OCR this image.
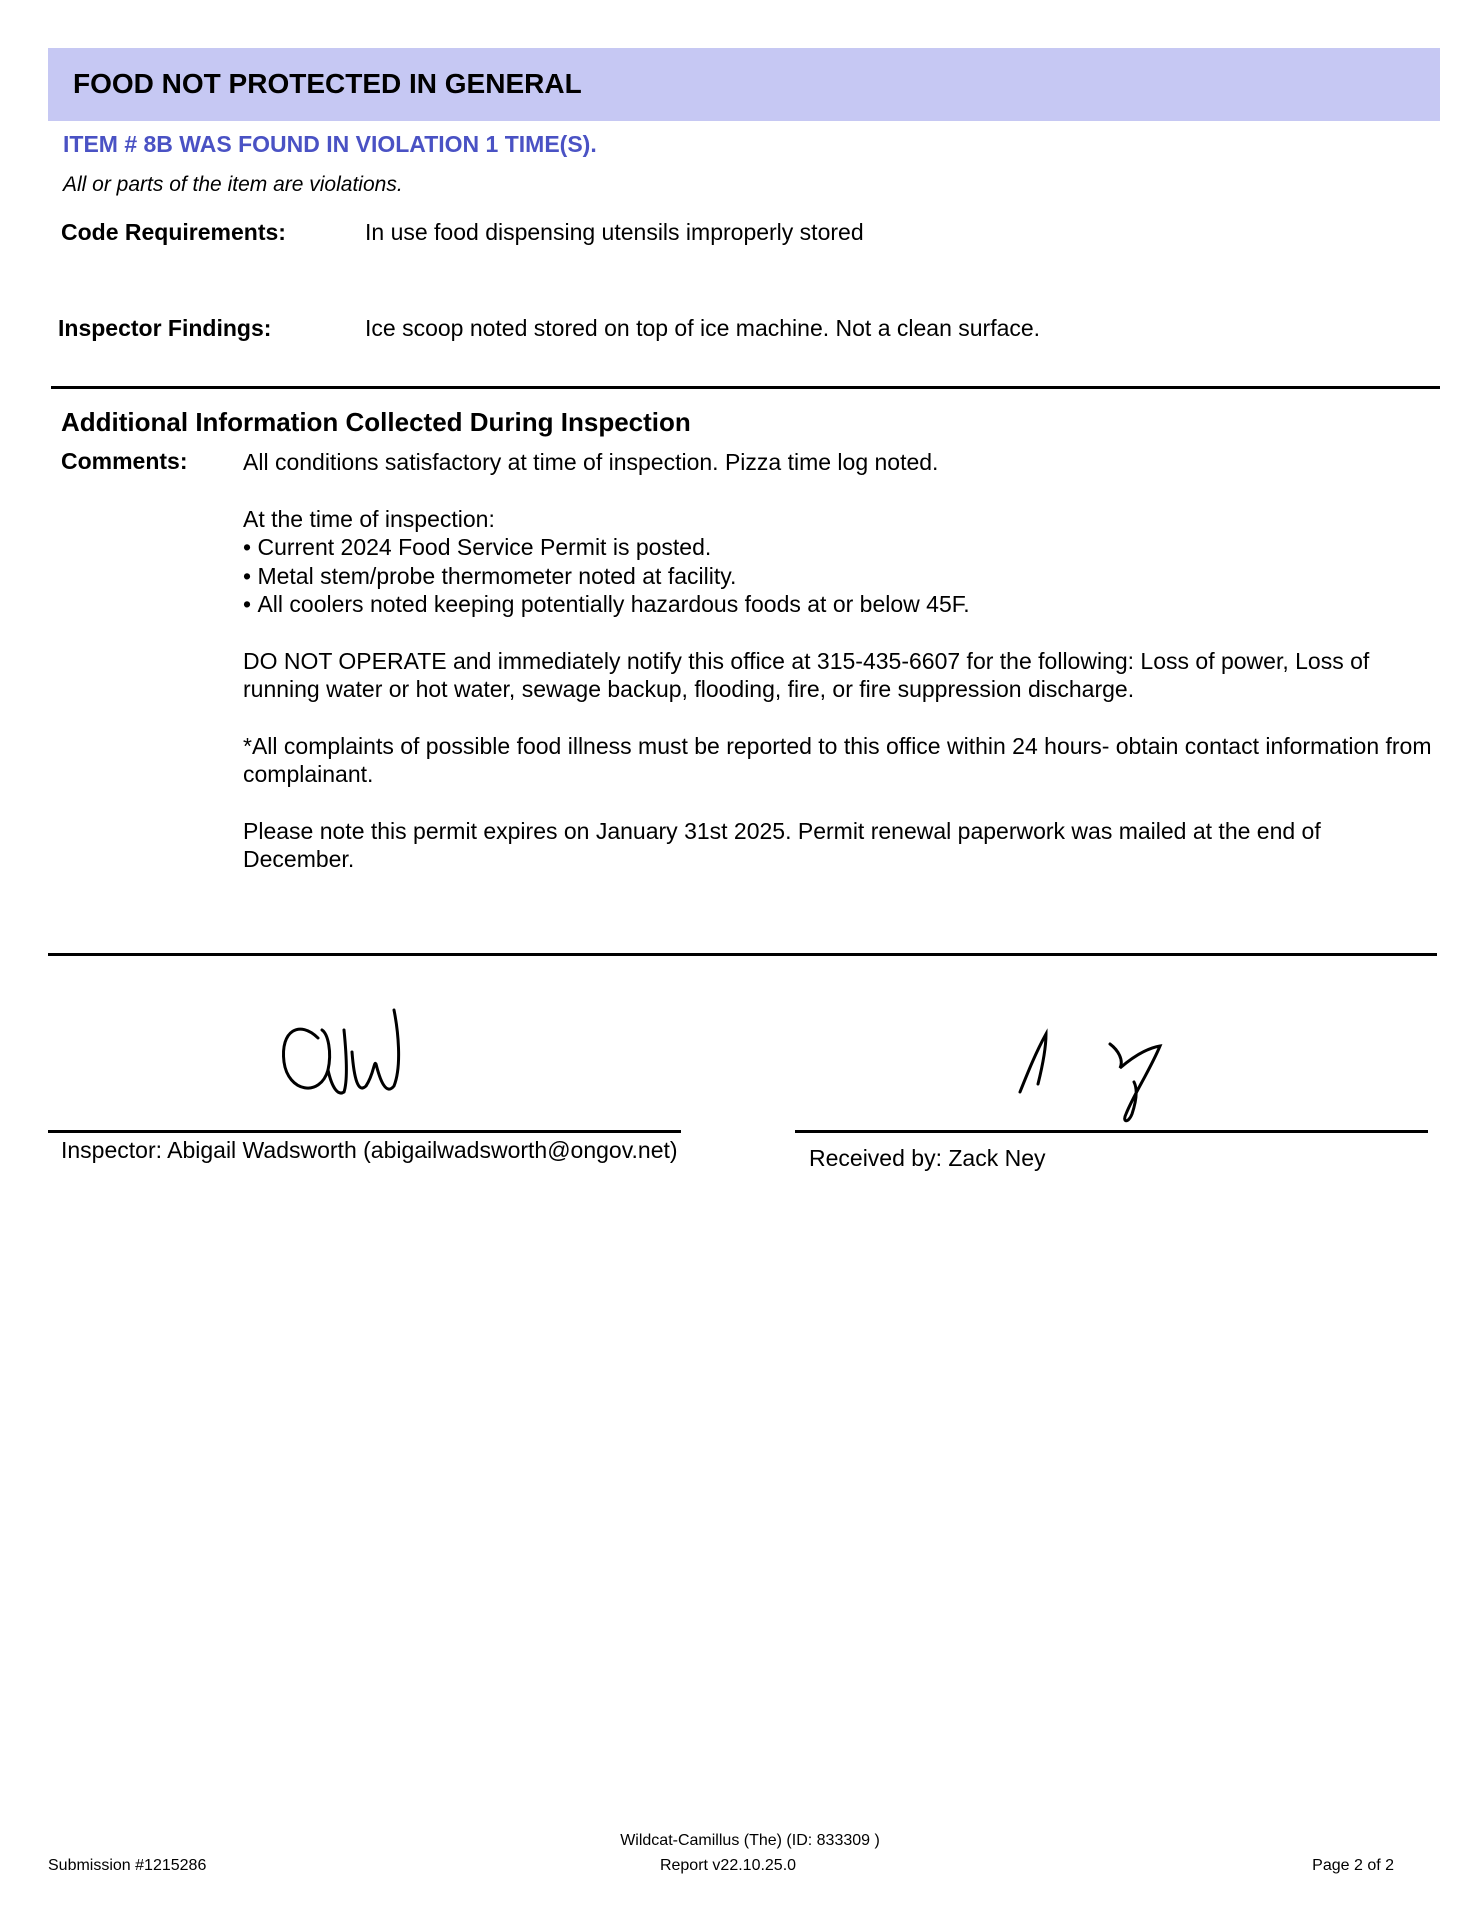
FOOD NOT PROTECTED IN GENERAL
ITEM # 8B WAS FOUND IN VIOLATION 1 TIME(S).
All or parts of the item are violations.
Code Requirements:	In use food dispensing utensils improperly stored
Inspector Findings:	Ice scoop noted stored on top of ice machine. Not a clean surface.
Additional Information Collected During Inspection
Comments: All conditions satisfactory at time of inspection. Pizza time log noted.

At the time of inspection:
• Current 2024 Food Service Permit is posted.
• Metal stem/probe thermometer noted at facility.
• All coolers noted keeping potentially hazardous foods at or below 45F.

DO NOT OPERATE and immediately notify this office at 315-435-6607 for the following: Loss of power, Loss of running water or hot water, sewage backup, flooding, fire, or fire suppression discharge.

*All complaints of possible food illness must be reported to this office within 24 hours- obtain contact information from complainant.

Please note this permit expires on January 31st 2025. Permit renewal paperwork was mailed at the end of December.

Inspector: Abigail Wadsworth (abigailwadsworth@ongov.net)	Received by: Zack Ney
Wildcat-Camillus (The) (ID: 833309 )
Submission #1215286	Report v22.10.25.0	Page 2 of 2
